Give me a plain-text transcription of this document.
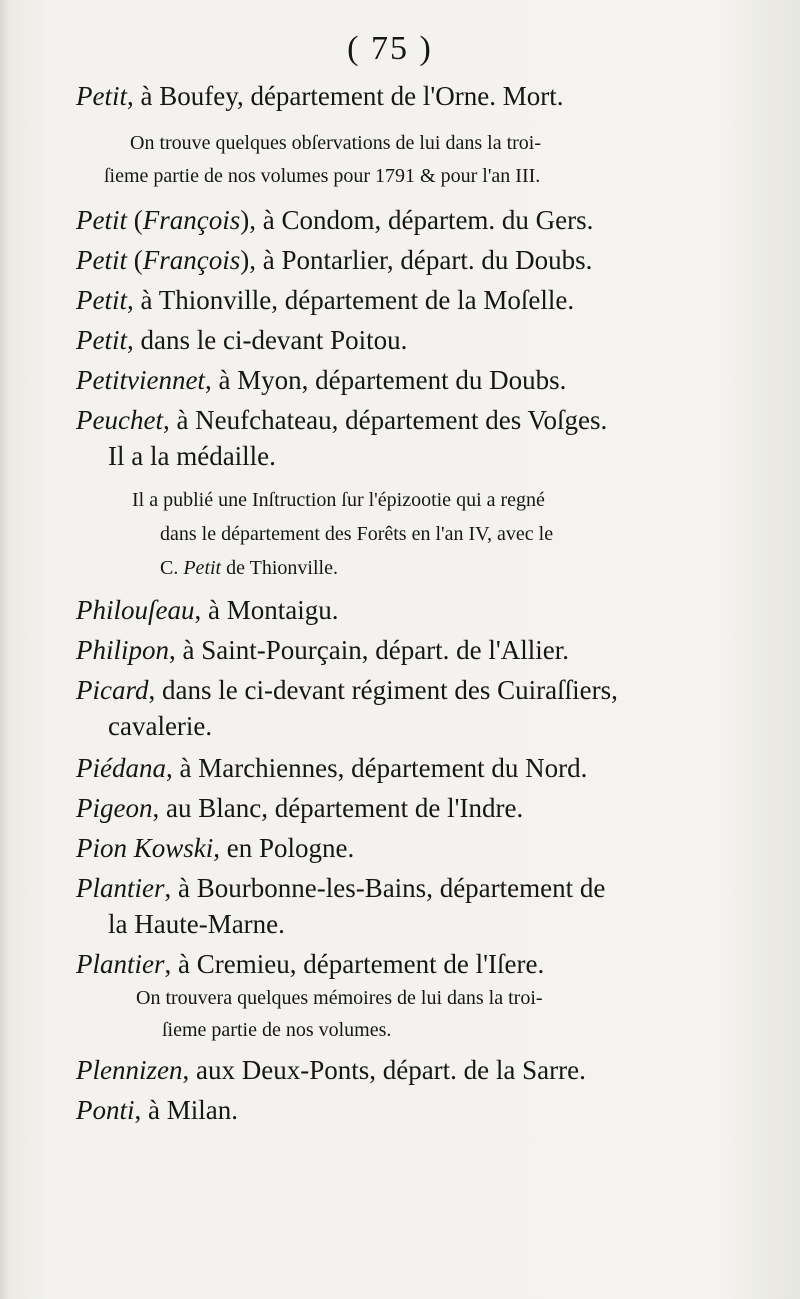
( 75 )
Petit, à Boufey, département de l'Orne. Mort.
On trouve quelques obſervations de lui dans la troi-
ſieme partie de nos volumes pour 1791 & pour l'an III.
Petit (François), à Condom, départem. du Gers.
Petit (François), à Pontarlier, départ. du Doubs.
Petit, à Thionville, département de la Moſelle.
Petit, dans le ci-devant Poitou.
Petitviennet, à Myon, département du Doubs.
Peuchet, à Neufchateau, département des Voſges.
Il a la médaille.
Il a publié une Inſtruction ſur l'épizootie qui a regné
dans le département des Forêts en l'an IV, avec le
C. Petit de Thionville.
Philouſeau, à Montaigu.
Philipon, à Saint-Pourçain, départ. de l'Allier.
Picard, dans le ci-devant régiment des Cuiraſſiers,
cavalerie.
Piédana, à Marchiennes, département du Nord.
Pigeon, au Blanc, département de l'Indre.
Pion Kowski, en Pologne.
Plantier, à Bourbonne-les-Bains, département de
la Haute-Marne.
Plantier, à Cremieu, département de l'Iſere.
On trouvera quelques mémoires de lui dans la troi-
ſieme partie de nos volumes.
Plennizen, aux Deux-Ponts, départ. de la Sarre.
Ponti, à Milan.
